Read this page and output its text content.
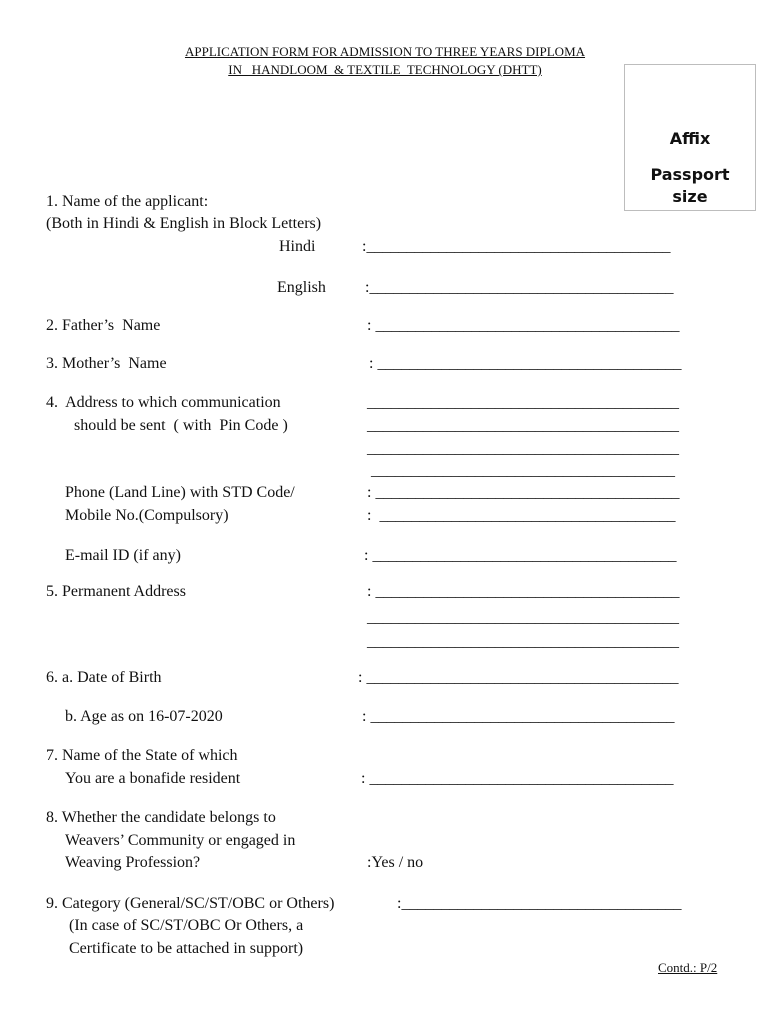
APPLICATION FORM FOR ADMISSION TO THREE YEARS DIPLOMA
IN   HANDLOOM  & TEXTILE  TECHNOLOGY (DHTT)
Affix
Passport
size
1. Name of the applicant:
(Both in Hindi & English in Block Letters)
Hindi	:______________________________________
English :______________________________________
2. Father’s  Name	: ______________________________________
3. Mother’s  Name	: ______________________________________
4.  Address to which communication
should be sent  ( with  Pin Code )
_______________________________________
_______________________________________
_______________________________________
______________________________________
Phone (Land Line) with STD Code/	: ______________________________________
Mobile No.(Compulsory)	:  _____________________________________
E-mail ID (if any)	: ______________________________________
5. Permanent Address	: ______________________________________
_______________________________________
_______________________________________
6. a. Date of Birth	: _______________________________________
b. Age as on 16-07-2020	: ______________________________________
7. Name of the State of which
You are a bonafide resident	: ______________________________________
8. Whether the candidate belongs to
Weavers’ Community or engaged in
Weaving Profession?	:Yes / no
9. Category (General/SC/ST/OBC or Others)	:___________________________________
(In case of SC/ST/OBC Or Others, a
Certificate to be attached in support)
Contd.: P/2
